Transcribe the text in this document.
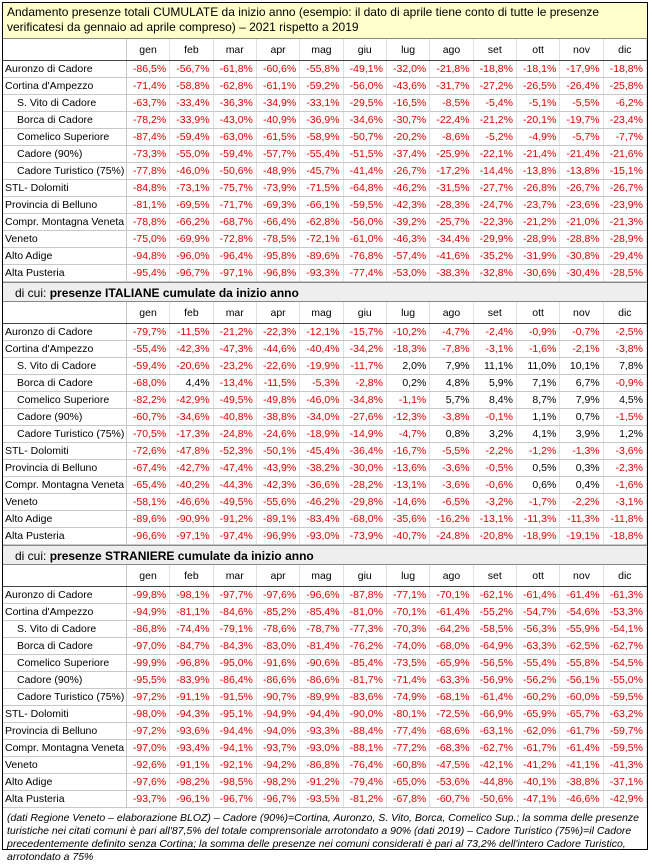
Andamento presenze totali CUMULATE da inizio anno (esempio: il dato di aprile tiene conto di tutte le presenze verificatesi da gennaio ad aprile compreso) – 2021 rispetto a 2019
gen	feb	mar	apr	mag	giu	lug	ago	set	ott	nov	dic
Auronzo di Cadore	-86,5% -56,7% -61,8% -60,6% -55,8% -49,1% -32,0% -21,8% -18,8% -18,1% -17,9% -18,8%
Cortina d'Ampezzo	-71,4% -58,8% -62,8% -61,1% -59,2% -56,0% -43,6% -31,7% -27,2% -26,5% -26,4% -25,8%
S. Vito di Cadore	-63,7% -33,4% -36,3% -34,9% -33,1% -29,5% -16,5%	-8,5%	-5,4%	-5,1%	-5,5%	-6,2%
Borca di Cadore	-78,2% -33,9% -43,0% -40,9% -36,9% -34,6% -30,7% -22,4% -21,2% -20,1% -19,7% -23,4%
Comelico Superiore	-87,4% -59,4% -63,0% -61,5% -58,9% -50,7% -20,2%	-8,6%	-5,2%	-4,9%	-5,7%	-7,7%
Cadore (90%)	-73,3% -55,0% -59,4% -57,7% -55,4% -51,5% -37,4% -25,9% -22,1% -21,4% -21,4% -21,6%
Cadore Turistico (75%) -77,8% -46,0% -50,6% -48,9% -45,7% -41,4% -26,7% -17,2% -14,4% -13,8% -13,8% -15,1%
STL- Dolomiti	-84,8% -73,1% -75,7% -73,9% -71,5% -64,8% -46,2% -31,5% -27,7% -26,8% -26,7% -26,7%
Provincia di Belluno	-81,1% -69,5% -71,7% -69,3% -66,1% -59,5% -42,3% -28,3% -24,7% -23,7% -23,6% -23,9%
Compr. Montagna Veneta -78,8% -66,2% -68,7% -66,4% -62,8% -56,0% -39,2% -25,7% -22,3% -21,2% -21,0% -21,3%
Veneto	-75,0% -69,9% -72,8% -78,5% -72,1% -61,0% -46,3% -34,4% -29,9% -28,9% -28,8% -28,9%
Alto Adige	-94,8% -96,0% -96,4% -95,8% -89,6% -76,8% -57,4% -41,6% -35,2% -31,9% -30,8% -29,4%
Alta Pusteria	-95,4% -96,7% -97,1% -96,8% -93,3% -77,4% -53,0% -38,3% -32,8% -30,6% -30,4% -28,5%
di cui: presenze ITALIANE cumulate da inizio anno
gen	feb	mar	apr	mag	giu	lug	ago	set	ott	nov	dic
Auronzo di Cadore	-79,7%	-11,5% -21,2% -22,3% -12,1% -15,7% -10,2%	-4,7%	-2,4%	-0,9%	-0,7%	-2,5%
Cortina d'Ampezzo	-55,4% -42,3% -47,3% -44,6% -40,4% -34,2% -18,3%	-7,8%	-3,1%	-1,6%	-2,1%	-3,8%
S. Vito di Cadore	-59,4% -20,6% -23,2% -22,6% -19,9%	-11,7%	2,0%	7,9%	11,1%	11,0%	10,1%	7,8%
Borca di Cadore	-68,0%	4,4% -13,4%	-11,5%	-5,3%	-2,8%	0,2%	4,8%	5,9%	7,1%	6,7%	-0,9%
Comelico Superiore	-82,2% -42,9% -49,5% -49,8% -46,0% -34,8%	-1,1%	5,7%	8,4%	8,7%	7,9%	4,5%
Cadore (90%)	-60,7% -34,6% -40,8% -38,8% -34,0% -27,6% -12,3%	-3,8%	-0,1%	1,1%	0,7%	-1,5%
Cadore Turistico (75%) -70,5% -17,3% -24,8% -24,6% -18,9% -14,9%	-4,7%	0,8%	3,2%	4,1%	3,9%	1,2%
STL- Dolomiti	-72,6% -47,8% -52,3% -50,1% -45,4% -36,4% -16,7%	-5,5%	-2,2%	-1,2%	-1,3%	-3,6%
Provincia di Belluno	-67,4% -42,7% -47,4% -43,9% -38,2% -30,0% -13,6%	-3,6%	-0,5%	0,5%	0,3%	-2,3%
Compr. Montagna Veneta -65,4% -40,2% -44,3% -42,3% -36,6% -28,2% -13,1%	-3,6%	-0,6%	0,6%	0,4%	-1,6%
Veneto	-58,1% -46,6% -49,5% -55,6% -46,2% -29,8% -14,6%	-6,5%	-3,2%	-1,7%	-2,2%	-3,1%
Alto Adige	-89,6% -90,9% -91,2% -89,1% -83,4% -68,0% -35,6% -16,2% -13,1%	-11,3%	-11,3%	-11,8%
Alta Pusteria	-96,6% -97,1% -97,4% -96,9% -93,0% -73,9% -40,7% -24,8% -20,8% -18,9% -19,1% -18,8%
di cui: presenze STRANIERE cumulate da inizio anno
gen	feb	mar	apr	mag	giu	lug	ago	set	ott	nov	dic
Auronzo di Cadore	-99,8% -98,1% -97,7% -97,6% -96,6% -87,8% -77,1% -70,1% -62,1% -61,4% -61,4% -61,3%
Cortina d'Ampezzo	-94,9% -81,1% -84,6% -85,2% -85,4% -81,0% -70,1% -61,4% -55,2% -54,7% -54,6% -53,3%
S. Vito di Cadore	-86,8% -74,4% -79,1% -78,6% -78,7% -77,3% -70,3% -64,2% -58,5% -56,3% -55,9% -54,1%
Borca di Cadore	-97,0% -84,7% -84,3% -83,0% -81,4% -76,2% -74,0% -68,0% -64,9% -63,3% -62,5% -62,7%
Comelico Superiore	-99,9% -96,8% -95,0% -91,6% -90,6% -85,4% -73,5% -65,9% -56,5% -55,4% -55,8% -54,5%
Cadore (90%)	-95,5% -83,9% -86,4% -86,6% -86,6% -81,7% -71,4% -63,3% -56,9% -56,2% -56,1% -55,0%
Cadore Turistico (75%) -97,2% -91,1% -91,5% -90,7% -89,9% -83,6% -74,9% -68,1% -61,4% -60,2% -60,0% -59,5%
STL- Dolomiti	-98,0% -94,3% -95,1% -94,9% -94,4% -90,0% -80,1% -72,5% -66,9% -65,9% -65,7% -63,2%
Provincia di Belluno	-97,2% -93,6% -94,4% -94,0% -93,3% -88,4% -77,4% -68,6% -63,1% -62,0% -61,7% -59,7%
Compr. Montagna Veneta -97,0% -93,4% -94,1% -93,7% -93,0% -88,1% -77,2% -68,3% -62,7% -61,7% -61,4% -59,5%
Veneto	-92,6% -91,1% -92,1% -94,2% -86,8% -76,4% -60,8% -47,5% -42,1% -41,2% -41,1% -41,3%
Alto Adige	-97,6% -98,2% -98,5% -98,2% -91,2% -79,4% -65,0% -53,6% -44,8% -40,1% -38,8% -37,1%
Alta Pusteria	-93,7% -96,1% -96,7% -96,7% -93,5% -81,2% -67,8% -60,7% -50,6% -47,1% -46,6% -42,9%
(dati Regione Veneto – elaborazione BLOZ) – Cadore (90%)=Cortina, Auronzo, S. Vito, Borca, Comelico Sup.; la somma delle presenze turistiche nei citati comuni è pari all'87,5% del totale comprensoriale arrotondato a 90% (dati 2019) – Cadore Turistico (75%)=il Cadore precedentemente definito senza Cortina; la somma delle presenze nei comuni considerati è pari al 73,2% dell'intero Cadore Turistico, arrotondato a 75%
